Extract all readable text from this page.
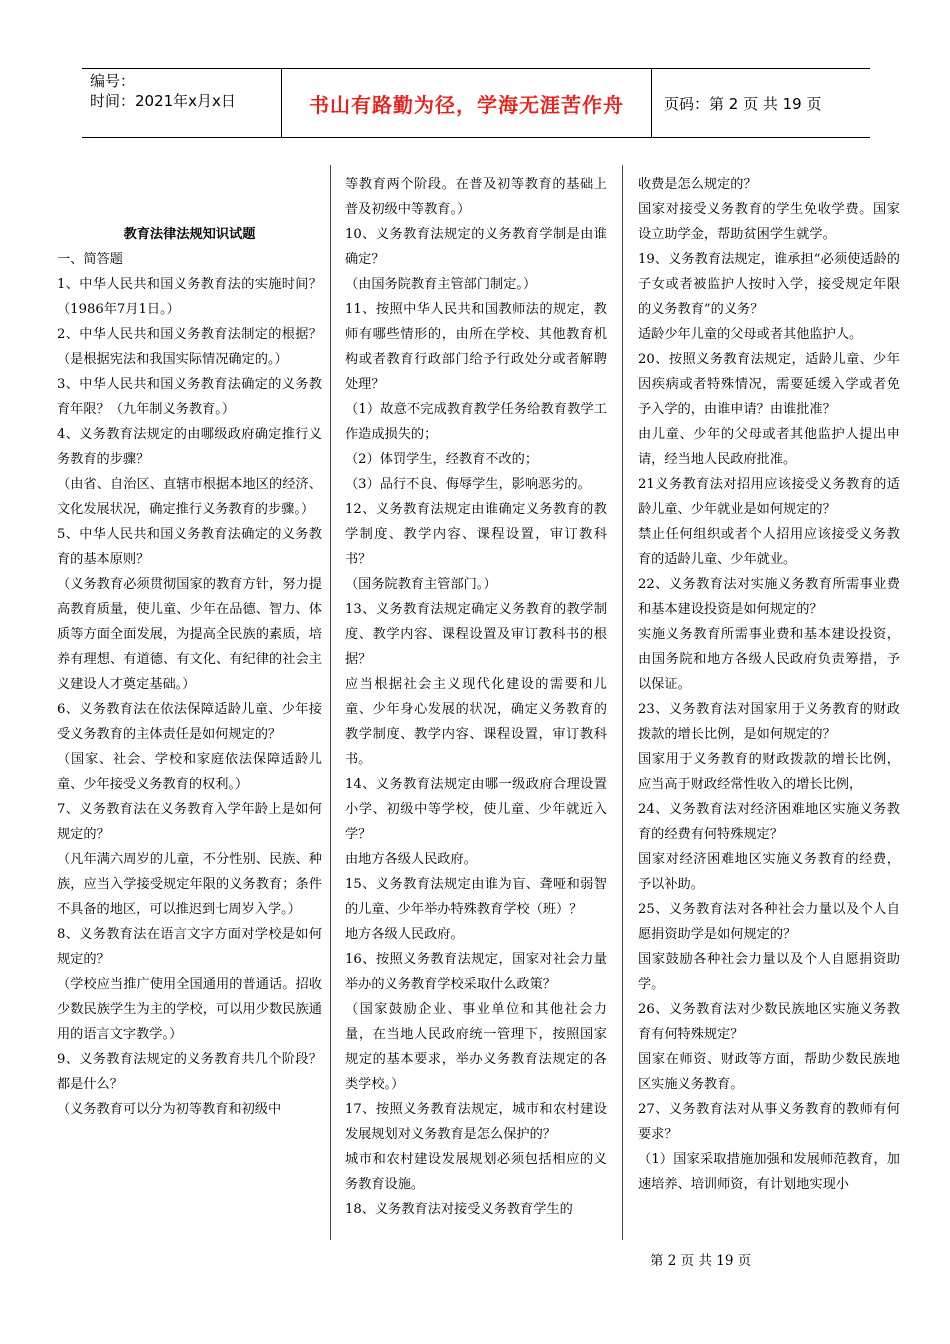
编号：
时间：2021年x月x日	书山有路勤为径，学海无涯苦作舟	页码：第 2 页 共 19 页

教育法律法规知识试题

一、简答题

1、中华人民共和国义务教育法的实施时间？（1986年7月1日。）

2、中华人民共和国义务教育法制定的根据？（是根据宪法和我国实际情况确定的。）

3、中华人民共和国义务教育法确定的义务教育年限？（九年制义务教育。）

4、义务教育法规定的由哪级政府确定推行义务教育的步骤？

（由省、自治区、直辖市根据本地区的经济、文化发展状况，确定推行义务教育的步骤。）

5、中华人民共和国义务教育法确定的义务教育的基本原则？

（义务教育必须贯彻国家的教育方针，努力提高教育质量，使儿童、少年在品德、智力、体质等方面全面发展，为提高全民族的素质，培养有理想、有道德、有文化、有纪律的社会主义建设人才奠定基础。）

6、义务教育法在依法保障适龄儿童、少年接受义务教育的主体责任是如何规定的？

（国家、社会、学校和家庭依法保障适龄儿童、少年接受义务教育的权利。）

7、义务教育法在义务教育入学年龄上是如何规定的？

（凡年满六周岁的儿童，不分性别、民族、种族，应当入学接受规定年限的义务教育；条件不具备的地区，可以推迟到七周岁入学。）

8、义务教育法在语言文字方面对学校是如何规定的？

（学校应当推广使用全国通用的普通话。招收少数民族学生为主的学校，可以用少数民族通用的语言文字教学。）

9、义务教育法规定的义务教育共几个阶段？都是什么？

（义务教育可以分为初等教育和初级中

等教育两个阶段。在普及初等教育的基础上普及初级中等教育。）

10、义务教育法规定的义务教育学制是由谁确定？

（由国务院教育主管部门制定。）

11、按照中华人民共和国教师法的规定，教师有哪些情形的，由所在学校、其他教育机构或者教育行政部门给予行政处分或者解聘处理？

（1）故意不完成教育教学任务给教育教学工作造成损失的；

（2）体罚学生，经教育不改的；

（3）品行不良、侮辱学生，影响恶劣的。

12、义务教育法规定由谁确定义务教育的教学制度、教学内容、课程设置，审订教科书？

（国务院教育主管部门。）

13、义务教育法规定确定义务教育的教学制度、教学内容、课程设置及审订教科书的根据？

应当根据社会主义现代化建设的需要和儿童、少年身心发展的状况，确定义务教育的教学制度、教学内容、课程设置，审订教科书。

14、义务教育法规定由哪一级政府合理设置小学、初级中等学校，使儿童、少年就近入学？

由地方各级人民政府。

15、义务教育法规定由谁为盲、聋哑和弱智的儿童、少年举办特殊教育学校（班）？

地方各级人民政府。

16、按照义务教育法规定，国家对社会力量举办的义务教育学校采取什么政策？

（国家鼓励企业、事业单位和其他社会力量，在当地人民政府统一管理下，按照国家规定的基本要求，举办义务教育法规定的各类学校。）

17、按照义务教育法规定，城市和农村建设发展规划对义务教育是怎么保护的？

城市和农村建设发展规划必须包括相应的义务教育设施。

18、义务教育法对接受义务教育学生的

收费是怎么规定的？

国家对接受义务教育的学生免收学费。国家设立助学金，帮助贫困学生就学。

19、义务教育法规定，谁承担“必须使适龄的子女或者被监护人按时入学，接受规定年限的义务教育”的义务？

适龄少年儿童的父母或者其他监护人。

20、按照义务教育法规定，适龄儿童、少年因疾病或者特殊情况，需要延缓入学或者免予入学的，由谁申请？由谁批准？

由儿童、少年的父母或者其他监护人提出申请，经当地人民政府批准。

21义务教育法对招用应该接受义务教育的适龄儿童、少年就业是如何规定的？

禁止任何组织或者个人招用应该接受义务教育的适龄儿童、少年就业。

22、义务教育法对实施义务教育所需事业费和基本建设投资是如何规定的？

实施义务教育所需事业费和基本建设投资，由国务院和地方各级人民政府负责筹措，予以保证。

23、义务教育法对国家用于义务教育的财政拨款的增长比例，是如何规定的？

国家用于义务教育的财政拨款的增长比例，应当高于财政经常性收入的增长比例，

24、义务教育法对经济困难地区实施义务教育的经费有何特殊规定？

国家对经济困难地区实施义务教育的经费，予以补助。

25、义务教育法对各种社会力量以及个人自愿捐资助学是如何规定的？

国家鼓励各种社会力量以及个人自愿捐资助学。

26、义务教育法对少数民族地区实施义务教育有何特殊规定？

国家在师资、财政等方面，帮助少数民族地区实施义务教育。

27、义务教育法对从事义务教育的教师有何要求？

（1）国家采取措施加强和发展师范教育，加速培养、培训师资，有计划地实现小

第 2 页 共 19 页
